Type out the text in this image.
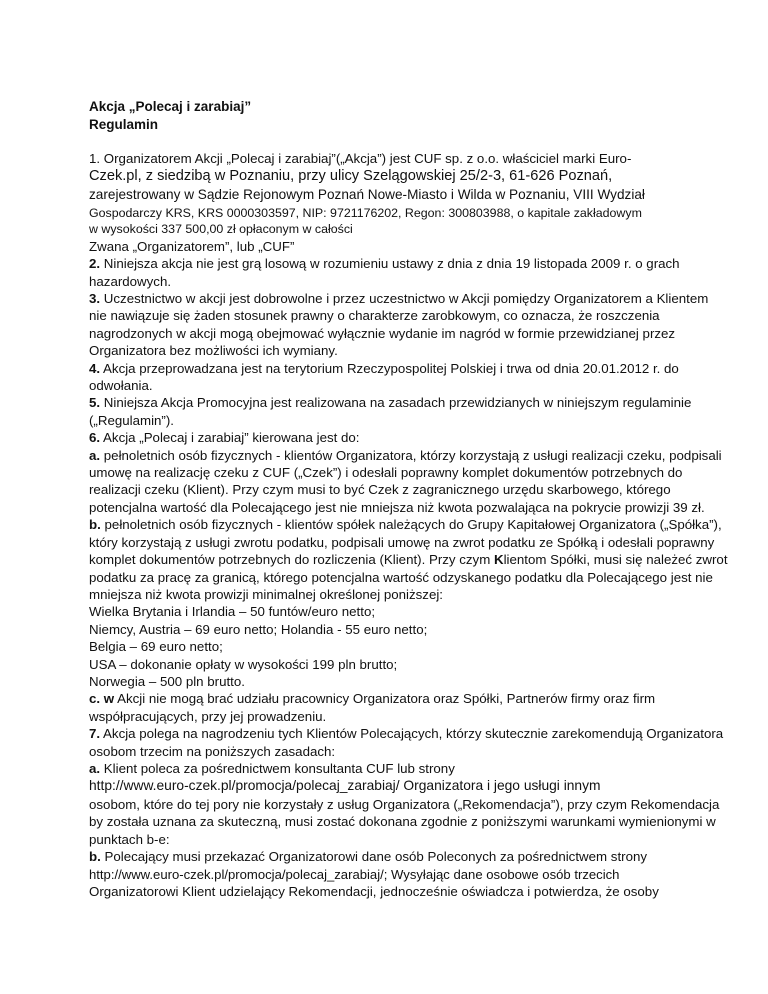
Akcja „Polecaj i zarabiaj”

Regulamin

1. Organizatorem Akcji „Polecaj i zarabiaj”(„Akcja”) jest CUF sp. z o.o. właściciel marki Euro-

Czek.pl, z siedzibą w Poznaniu, przy ulicy Szelągowskiej 25/2-3, 61-626 Poznań,

zarejestrowany w Sądzie Rejonowym Poznań Nowe-Miasto i Wilda w Poznaniu, VIII Wydział

Gospodarczy KRS, KRS 0000303597, NIP: 9721176202, Regon: 300803988, o kapitale zakładowym

w wysokości 337 500,00 zł opłaconym w całości

Zwana „Organizatorem”, lub „CUF”

2. Niniejsza akcja nie jest grą losową w rozumieniu ustawy z dnia z dnia 19 listopada 2009 r. o grach hazardowych.

3. Uczestnictwo w akcji jest dobrowolne i przez uczestnictwo w Akcji pomiędzy Organizatorem a Klientem nie nawiązuje się żaden stosunek prawny o charakterze zarobkowym, co oznacza, że roszczenia nagrodzonych w akcji mogą obejmować wyłącznie wydanie im nagród w formie przewidzianej przez Organizatora bez możliwości ich wymiany.

4. Akcja przeprowadzana jest na terytorium Rzeczypospolitej Polskiej i trwa od dnia 20.01.2012 r. do odwołania.

5. Niniejsza Akcja Promocyjna jest realizowana na zasadach przewidzianych w niniejszym regulaminie („Regulamin”).

6. Akcja „Polecaj i zarabiaj” kierowana jest do:

a. pełnoletnich osób fizycznych - klientów Organizatora, którzy korzystają z usługi realizacji czeku, podpisali umowę na realizację czeku z CUF („Czek”) i odesłali poprawny komplet dokumentów potrzebnych do realizacji czeku (Klient). Przy czym musi to być Czek z zagranicznego urzędu skarbowego, którego potencjalna wartość dla Polecającego jest nie mniejsza niż kwota pozwalająca na pokrycie prowizji 39 zł.

b. pełnoletnich osób fizycznych - klientów spółek należących do Grupy Kapitałowej Organizatora („Spółka”), który korzystają z usługi zwrotu podatku, podpisali umowę na zwrot podatku ze Spółką i odesłali poprawny komplet dokumentów potrzebnych do rozliczenia (Klient). Przy czym Klientom Spółki, musi się należeć zwrot podatku za pracę za granicą, którego potencjalna wartość odzyskanego podatku dla Polecającego jest nie mniejsza niż kwota prowizji minimalnej określonej poniższej:

Wielka Brytania i Irlandia – 50 funtów/euro netto;

Niemcy, Austria – 69 euro netto; Holandia - 55 euro netto;

Belgia – 69 euro netto;

USA – dokonanie opłaty w wysokości 199 pln brutto;

Norwegia – 500 pln brutto.

c. w Akcji nie mogą brać udziału pracownicy Organizatora oraz Spółki, Partnerów firmy oraz firm współpracujących, przy jej prowadzeniu.

7. Akcja polega na nagrodzeniu tych Klientów Polecających, którzy skutecznie zarekomendują Organizatora osobom trzecim na poniższych zasadach:

a. Klient poleca za pośrednictwem konsultanta CUF lub strony

http://www.euro-czek.pl/promocja/polecaj_zarabiaj/ Organizatora i jego usługi innym

osobom, które do tej pory nie korzystały z usług Organizatora („Rekomendacja”), przy czym Rekomendacja by została uznana za skuteczną, musi zostać dokonana zgodnie z poniższymi warunkami wymienionymi w punktach b-e:

b. Polecający musi przekazać Organizatorowi dane osób Poleconych za pośrednictwem strony

http://www.euro-czek.pl/promocja/polecaj_zarabiaj/; Wysyłając dane osobowe osób trzecich

Organizatorowi Klient udzielający Rekomendacji, jednocześnie oświadcza i potwierdza, że osoby
